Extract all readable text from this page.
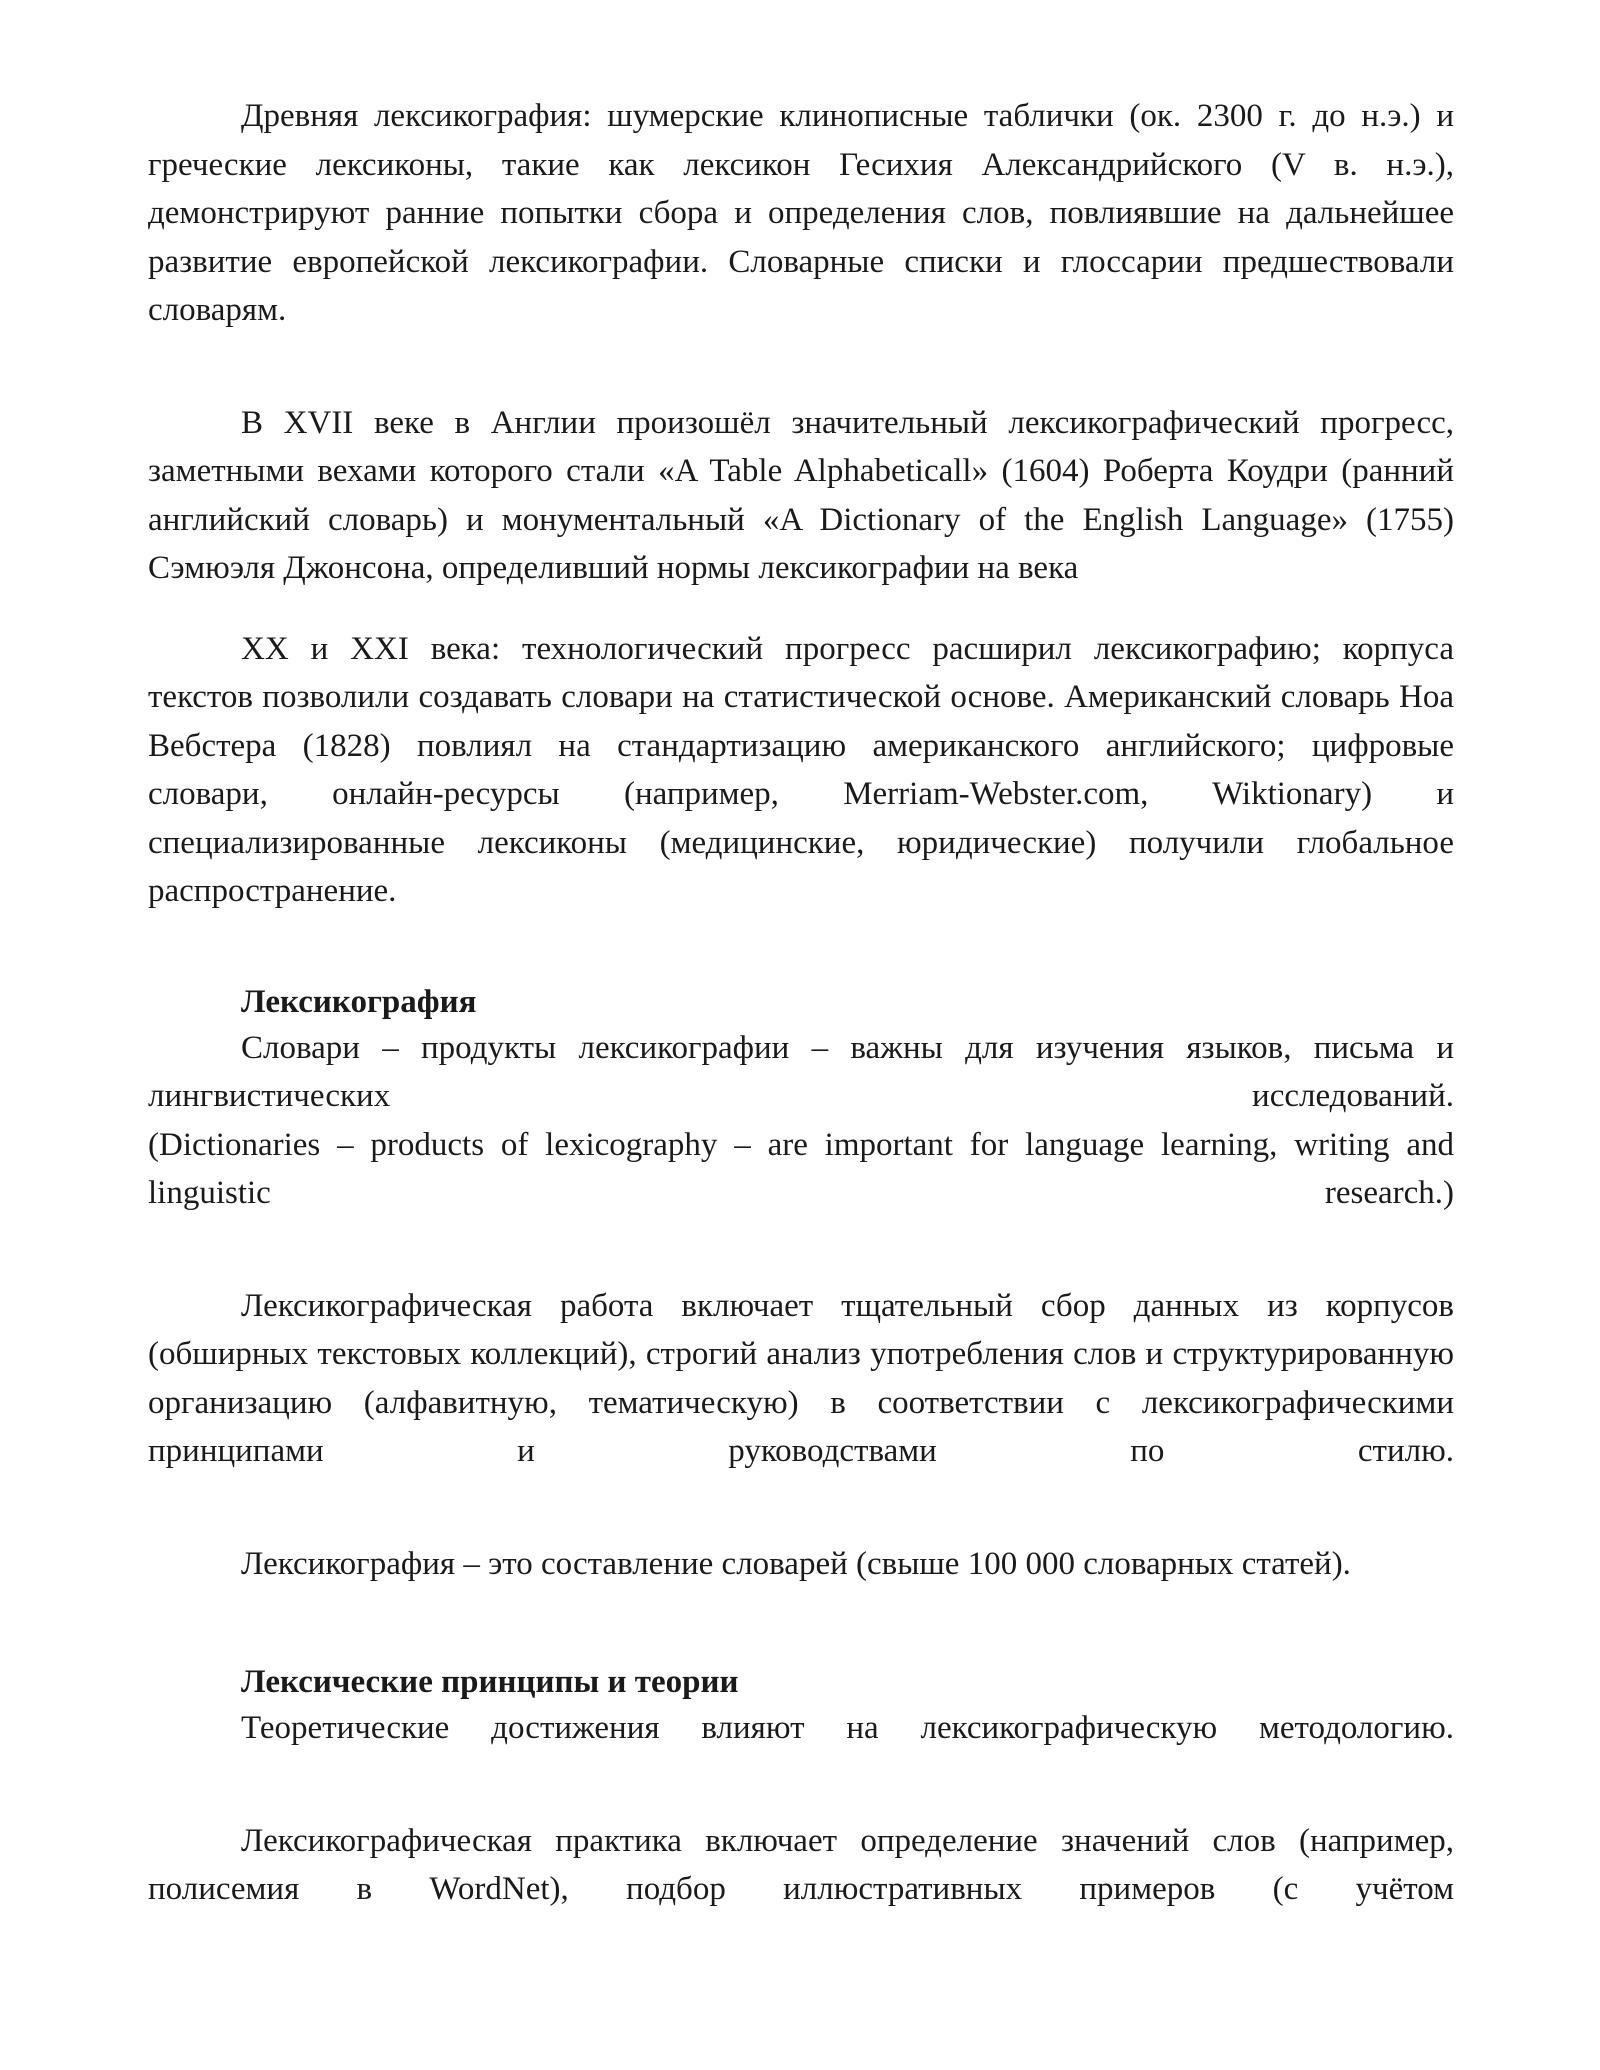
Древняя лексикография: шумерские клинописные таблички (ок. 2300 г. до н.э.) и греческие лексиконы, такие как лексикон Гесихия Александрийского (V в. н.э.), демонстрируют ранние попытки сбора и определения слов, повлиявшие на дальнейшее развитие европейской лексикографии. Словарные списки и глоссарии предшествовали словарям.

В XVII веке в Англии произошёл значительный лексикографический прогресс, заметными вехами которого стали «A Table Alphabeticall» (1604) Роберта Коудри (ранний английский словарь) и монументальный «A Dictionary of the English Language» (1755) Сэмюэля Джонсона, определивший нормы лексикографии на века

XX и XXI века: технологический прогресс расширил лексикографию; корпуса текстов позволили создавать словари на статистической основе. Американский словарь Ноа Вебстера (1828) повлиял на стандартизацию американского английского; цифровые словари, онлайн-ресурсы (например, Merriam-Webster.com, Wiktionary) и специализированные лексиконы (медицинские, юридические) получили глобальное распространение.

Лексикография

Словари – продукты лексикографии – важны для изучения языков, письма и лингвистических исследований.

(Dictionaries – products of lexicography – are important for language learning, writing and linguistic research.)

Лексикографическая работа включает тщательный сбор данных из корпусов (обширных текстовых коллекций), строгий анализ употребления слов и структурированную организацию (алфавитную, тематическую) в соответствии с лексикографическими принципами и руководствами по стилю.

Лексикография – это составление словарей (свыше 100 000 словарных статей).

Лексические принципы и теории

Теоретические достижения влияют на лексикографическую методологию.

Лексикографическая практика включает определение значений слов (например, полисемия в WordNet), подбор иллюстративных примеров (с учётом
